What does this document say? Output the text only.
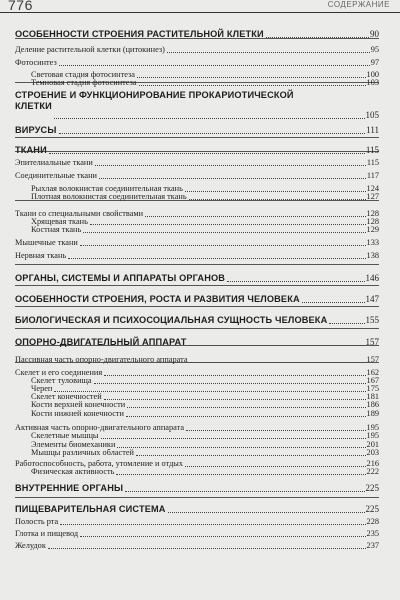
776	СОДЕРЖАНИЕ
ОСОБЕННОСТИ СТРОЕНИЯ РАСТИТЕЛЬНОЙ КЛЕТКИ	90
Деление растительной клетки (цитокинез)	95
Фотосинтез	97
Световая стадия фотосинтеза	100
Темновая стадия фотосинтеза	103
СТРОЕНИЕ И ФУНКЦИОНИРОВАНИЕ ПРОКАРИОТИЧЕСКОЙ
КЛЕТКИ
105
ВИРУСЫ	111
ТКАНИ	115
Эпителиальные ткани	115
Соединительные ткани	117
Рыхлая волокнистая соединительная ткань	124
Плотная волокнистая соединительная ткань	127
Ткани со специальными свойствами	128
Хрящевая ткань	128
Костная ткань	129
Мышечные ткани	133
Нервная ткань	138
ОРГАНЫ, СИСТЕМЫ И АППАРАТЫ ОРГАНОВ	146
ОСОБЕННОСТИ СТРОЕНИЯ, РОСТА И РАЗВИТИЯ ЧЕЛОВЕКА	147
БИОЛОГИЧЕСКАЯ И ПСИХОСОЦИАЛЬНАЯ СУЩНОСТЬ ЧЕЛОВЕКА	155
ОПОРНО-ДВИГАТЕЛЬНЫЙ АППАРАТ	157
Пассивная часть опорно-двигательного аппарата	157
Скелет и его соединения	162
Скелет туловища	167
Череп	175
Скелет конечностей	181
Кости верхней конечности	186
Кости нижней конечности	189
Активная часть опорно-двигательного аппарата	195
Скелетные мышцы	195
Элементы биомеханики	201
Мышцы различных областей	203
Работоспособность, работа, утомление и отдых	216
Физическая активность	222
ВНУТРЕННИЕ ОРГАНЫ	225
ПИЩЕВАРИТЕЛЬНАЯ СИСТЕМА	225
Полость рта	228
Глотка и пищевод	235
Желудок	237
